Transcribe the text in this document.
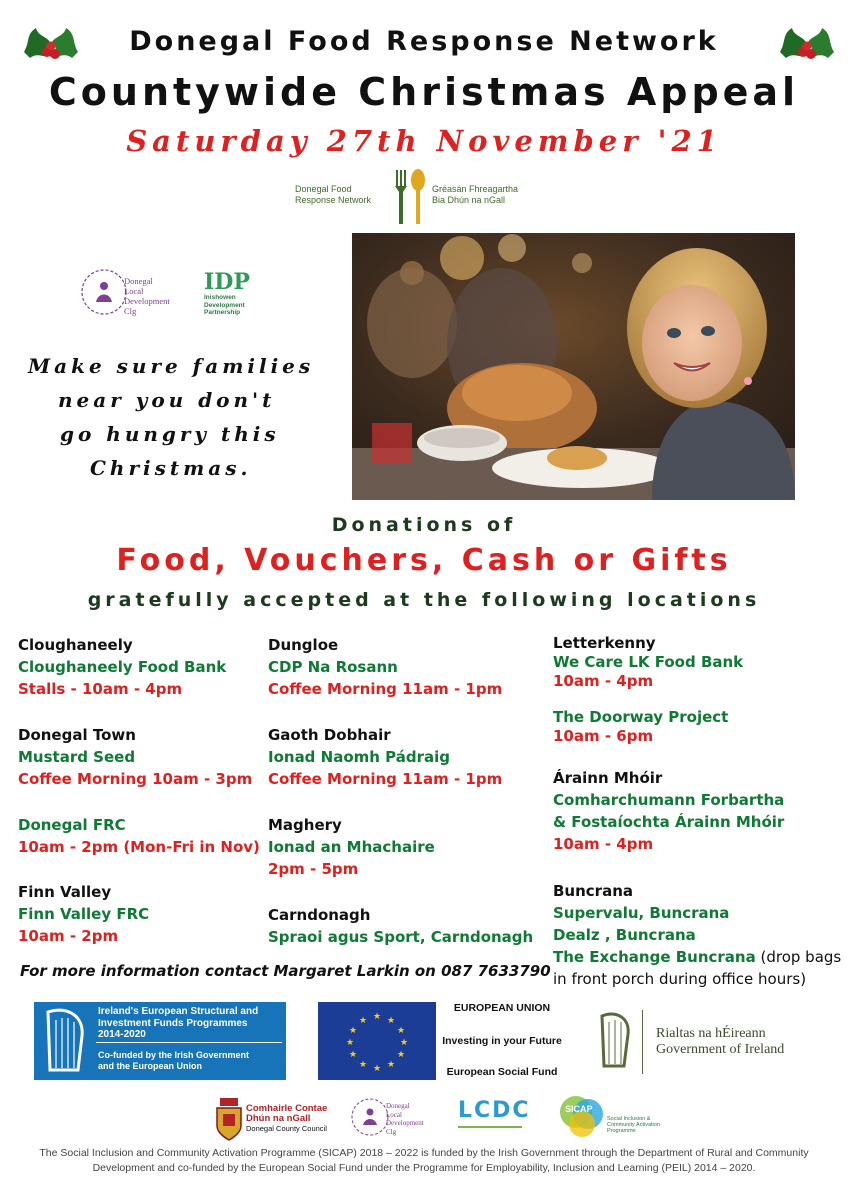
Donegal Food Response Network
Countywide Christmas Appeal
Saturday 27th November '21
Donegal Food
Response Network
Gréasán Fhreagartha
Bia Dhún na nGall
Donegal
Local
Development
Clg
IDP
Inishowen
Development
Partnership
Make sure families
near you don't
go hungry this
Christmas.
Donations of
Food, Vouchers, Cash or Gifts
gratefully accepted at the following locations
Cloughaneely
Cloughaneely Food Bank
Stalls - 10am - 4pm
Donegal Town
Mustard Seed
Coffee Morning 10am - 3pm
Donegal FRC
10am - 2pm (Mon-Fri in Nov)
Finn Valley
Finn Valley FRC
10am - 2pm
Dungloe
CDP Na Rosann
Coffee Morning 11am - 1pm
Gaoth Dobhair
Ionad Naomh Pádraig
Coffee Morning 11am - 1pm
Maghery
Ionad an Mhachaire
2pm - 5pm
Carndonagh
Spraoi agus Sport, Carndonagh
Letterkenny
We Care LK Food Bank
10am - 4pm
The Doorway Project
10am - 6pm
Árainn Mhóir
Comharchumann Forbartha
& Fostaíochta Árainn Mhóir
10am - 4pm
Buncrana
Supervalu, Buncrana
Dealz , Buncrana
The Exchange Buncrana (drop bags
in front porch during office hours)
For more information contact Margaret Larkin on 087 7633790
Ireland's European Structural and
Investment Funds Programmes
2014-2020
Co-funded by the Irish Government
and the European Union
★ ★
★
★
★
★
★
★
★
★
★
★
EUROPEAN UNION
Investing in your Future
European Social Fund
Rialtas na hÉireann
Government of Ireland
Comhairle Contae
Dhún na nGall
Donegal County Council
Donegal
Local
Development
Clg
LCDC	SICAP
Social Inclusion &
Community Activation
Programme
The Social Inclusion and Community Activation Programme (SICAP) 2018 – 2022 is funded by the Irish Government through the Department of Rural and Community Development and co-funded by the European Social Fund under the Programme for Employability, Inclusion and Learning (PEIL) 2014 – 2020.
